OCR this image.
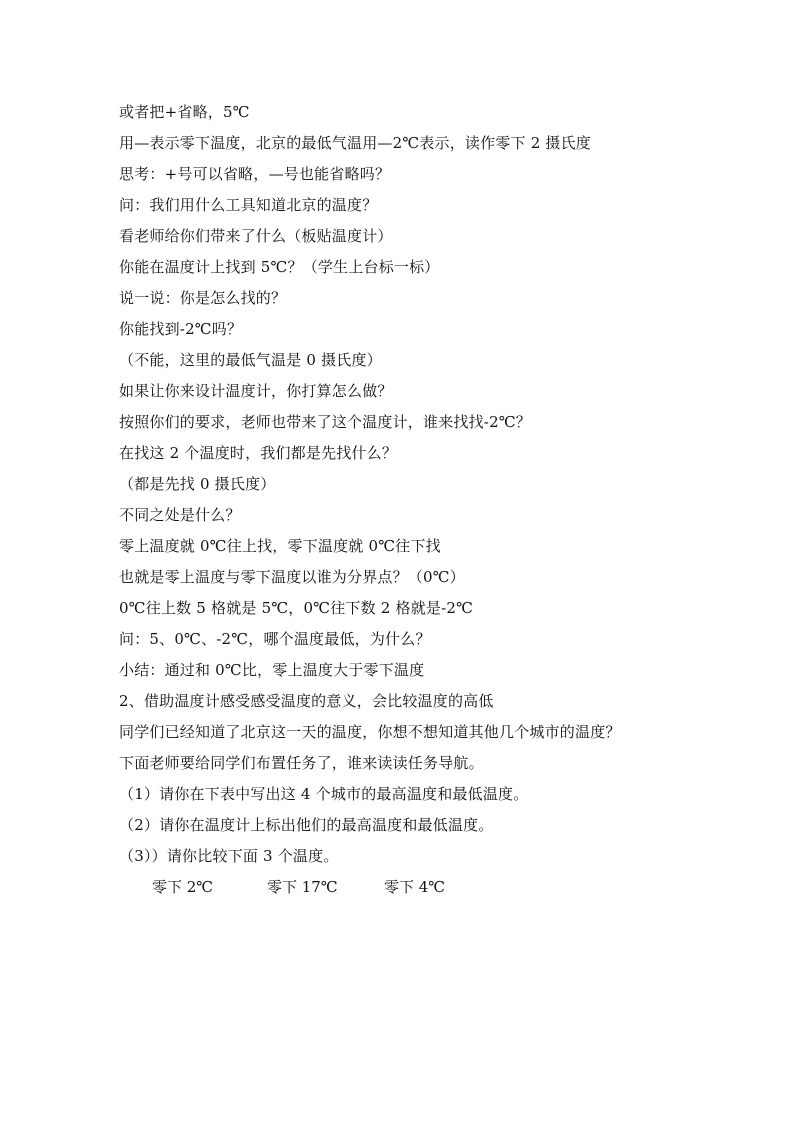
或者把+省略，5℃
用—表示零下温度，北京的最低气温用—2℃表示，读作零下 2 摄氏度
思考：+号可以省略，—号也能省略吗？
问：我们用什么工具知道北京的温度？
看老师给你们带来了什么（板贴温度计）
你能在温度计上找到 5℃？（学生上台标一标）
说一说：你是怎么找的？
你能找到-2℃吗？
（不能，这里的最低气温是 0 摄氏度）
如果让你来设计温度计，你打算怎么做？
按照你们的要求，老师也带来了这个温度计，谁来找找-2℃？
在找这 2 个温度时，我们都是先找什么？
（都是先找 0 摄氏度）
不同之处是什么？
零上温度就 0℃往上找，零下温度就 0℃往下找
也就是零上温度与零下温度以谁为分界点？（0℃）
0℃往上数 5 格就是 5℃，0℃往下数 2 格就是-2℃
问：5、0℃、-2℃，哪个温度最低，为什么？
小结：通过和 0℃比，零上温度大于零下温度
2、借助温度计感受感受温度的意义，会比较温度的高低
同学们已经知道了北京这一天的温度，你想不想知道其他几个城市的温度？
下面老师要给同学们布置任务了，谁来读读任务导航。
（1）请你在下表中写出这 4 个城市的最高温度和最低温度。
（2）请你在温度计上标出他们的最高温度和最低温度。
（3））请你比较下面 3 个温度。
零下 2℃	零下 17℃	零下 4℃
